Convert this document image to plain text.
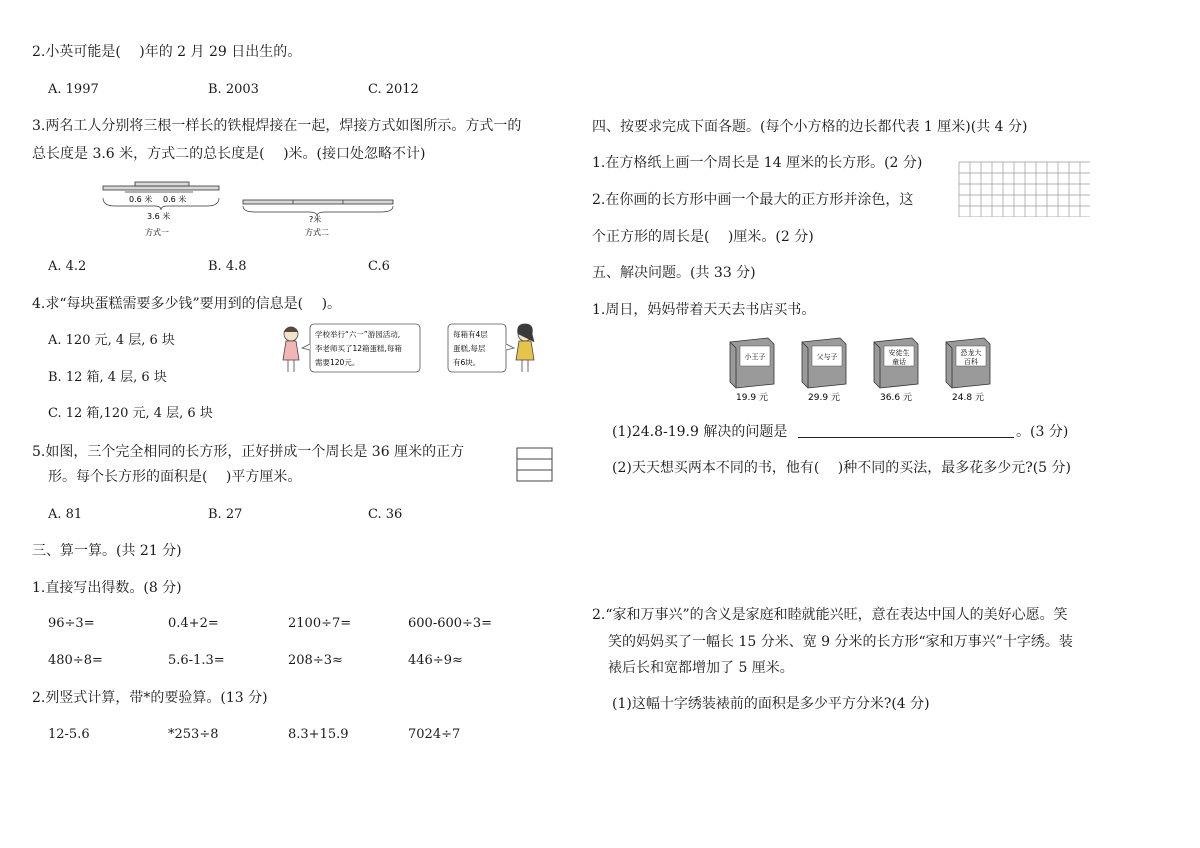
2.小英可能是(　 )年的 2 月 29 日出生的。
A. 1997	B. 2003	C. 2012
3.两名工人分别将三根一样长的铁棍焊接在一起，焊接方式如图所示。方式一的
总长度是 3.6 米，方式二的总长度是(　 )米。(接口处忽略不计)
0.6 米 0.6 米
3.6 米
方式一
?米
方式二
A. 4.2	B. 4.8	C.6
4.求“每块蛋糕需要多少钱”要用到的信息是(　 )。
A. 120 元, 4 层, 6 块
B. 12 箱, 4 层, 6 块
C. 12 箱,120 元, 4 层, 6 块
学校举行“六一”游园活动,
李老师买了12箱蛋糕,每箱
需要120元。
每箱有4层
蛋糕,每层
有6块。
5.如图，三个完全相同的长方形，正好拼成一个周长是 36 厘米的正方
形。每个长方形的面积是(　 )平方厘米。
A. 81	B. 27	C. 36
三、算一算。(共 21 分)
1.直接写出得数。(8 分)
96÷3=	0.4+2=	2100÷7=	600-600÷3=
480÷8=	5.6-1.3=	208÷3≈	446÷9≈
2.列竖式计算，带*的要验算。(13 分)
12-5.6	*253÷8	8.3+15.9	7024÷7
四、按要求完成下面各题。(每个小方格的边长都代表 1 厘米)(共 4 分)
1.在方格纸上画一个周长是 14 厘米的长方形。(2 分)
2.在你画的长方形中画一个最大的正方形并涂色，这
个正方形的周长是(　 )厘米。(2 分)
五、解决问题。(共 33 分)
1.周日，妈妈带着天天去书店买书。
小王子
19.9 元
父与子
29.9 元
安徒生
童话
36.6 元
恐龙大
百科
24.8 元
(1)24.8-19.9 解决的问题是	。(3 分)
(2)天天想买两本不同的书，他有(　 )种不同的买法，最多花多少元?(5 分)
2.“家和万事兴”的含义是家庭和睦就能兴旺，意在表达中国人的美好心愿。笑
笑的妈妈买了一幅长 15 分米、宽 9 分米的长方形“家和万事兴”十字绣。装
裱后长和宽都增加了 5 厘米。
(1)这幅十字绣装裱前的面积是多少平方分米?(4 分)
